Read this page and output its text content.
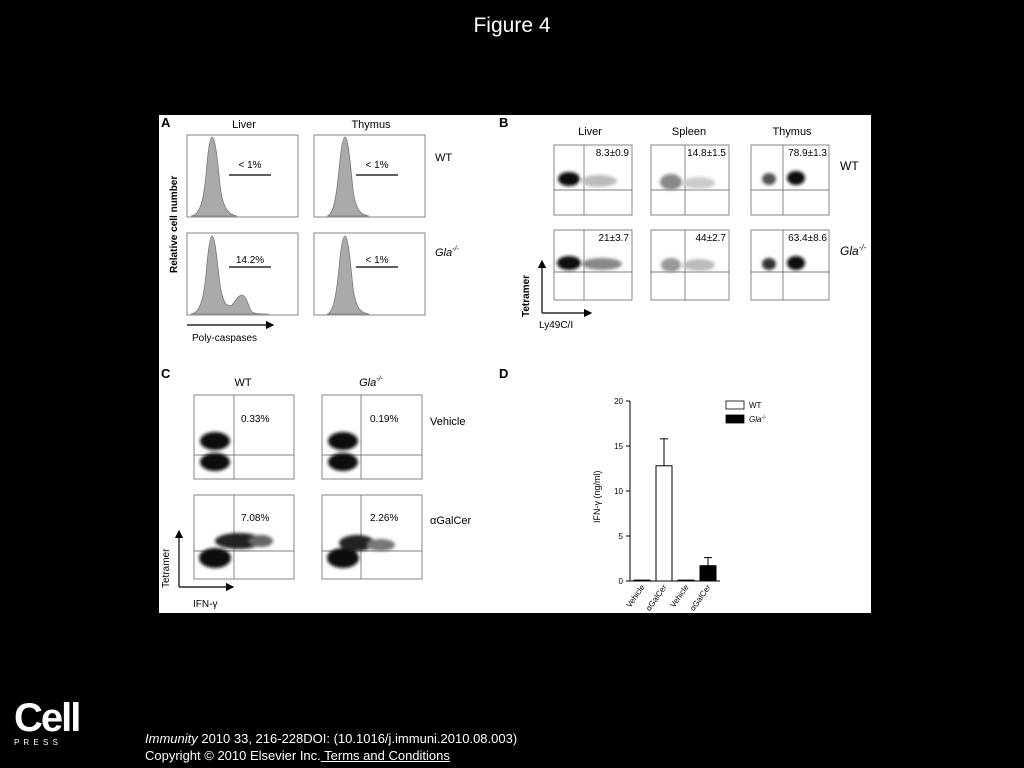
Figure 4
A	Liver	Thymus
< 1%	< 1%
14.2%	< 1%
WT
Gla-/-
Relative cell number
Poly-caspases
B
Liver	Spleen	Thymus
8.3±0.9	14.8±1.5	78.9±1.3
21±3.7	44±2.7	63.4±8.6
WT
Gla-/-
Tetramer
Ly49C/I
C
WT	Gla-/-
0.33%	0.19%
7.08%	2.26%
Vehicle
αGalCer
Tetramer
IFN-γ
D
IFN-γ (ng/ml)
0
5
10
15
20
Vehicle
αGalCer Vehicle
αGalCer
WT
Gla-/-
Cell
P R E S S	Immunity 2010 33, 216-228DOI: (10.1016/j.immuni.2010.08.003)
Copyright © 2010 Elsevier Inc. Terms and Conditions
